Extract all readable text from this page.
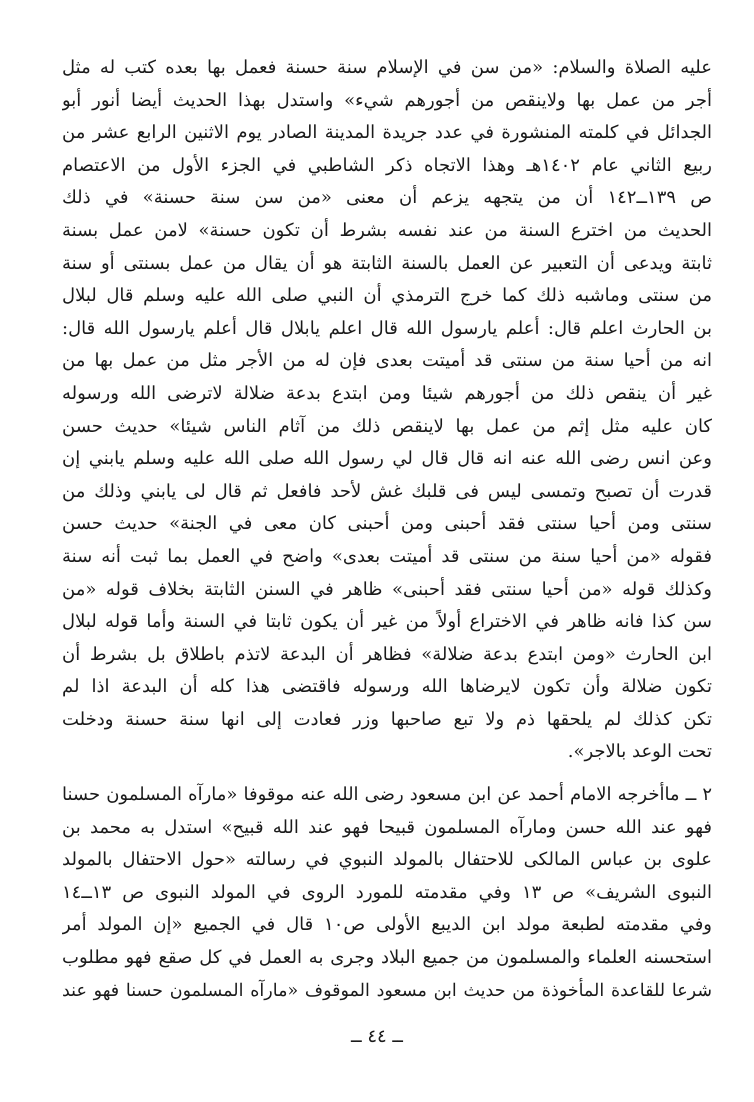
عليه الصلاة والسلام: «من سن في الإسلام سنة حسنة فعمل بها بعده كتب له مثل
أجر من عمل بها ولاينقص من أجورهم شيء» واستدل بهذا الحديث أيضا أنور أبو
الجدائل في كلمته المنشورة في عدد جريدة المدينة الصادر يوم الاثنين الرابع عشر من
ربيع الثاني عام ١٤٠٢هـ وهذا الاتجاه ذكر الشاطبي في الجزء الأول من الاعتصام
ص ١٣٩ــ١٤٢ أن من يتجهه يزعم أن معنى «من سن سنة حسنة» في ذلك
الحديث من اخترع السنة من عند نفسه بشرط أن تكون حسنة» لامن عمل بسنة
ثابتة ويدعى أن التعبير عن العمل بالسنة الثابتة هو أن يقال من عمل بسنتى أو سنة
من سنتى وماشبه ذلك كما خرج الترمذي أن النبي صلى الله عليه وسلم قال لبلال
بن الحارث اعلم قال: أعلم يارسول الله قال اعلم يابلال قال أعلم يارسول الله قال:
انه من أحيا سنة من سنتى قد أميتت بعدى فإن له من الأجر مثل من عمل بها من
غير أن ينقص ذلك من أجورهم شيئا ومن ابتدع بدعة ضلالة لاترضى الله ورسوله
كان عليه مثل إثم من عمل بها لاينقص ذلك من آثام الناس شيئا» حديث حسن
وعن انس رضى الله عنه انه قال قال لي رسول الله صلى الله عليه وسلم يابني إن
قدرت أن تصبح وتمسى ليس فى قلبك غش لأحد فافعل ثم قال لى يابني وذلك من
سنتى ومن أحيا سنتى فقد أحبنى ومن أحبنى كان معى في الجنة» حديث حسن
فقوله «من أحيا سنة من سنتى قد أميتت بعدى» واضح في العمل بما ثبت أنه سنة
وكذلك قوله «من أحيا سنتى فقد أحبنى» ظاهر في السنن الثابتة بخلاف قوله «من
سن كذا فانه ظاهر في الاختراع أولاً من غير أن يكون ثابتا في السنة وأما قوله لبلال
ابن الحارث «ومن ابتدع بدعة ضلالة» فظاهر أن البدعة لاتذم باطلاق بل بشرط أن
تكون ضلالة وأن تكون لايرضاها الله ورسوله فاقتضى هذا كله أن البدعة اذا لم
تكن كذلك لم يلحقها ذم ولا تبع صاحبها وزر فعادت إلى انها سنة حسنة ودخلت
تحت الوعد بالاجر».
٢ ــ ماأخرجه الامام أحمد عن ابن مسعود رضى الله عنه موقوفا «مارآه المسلمون حسنا
فهو عند الله حسن ومارآه المسلمون قبيحا فهو عند الله قبيح» استدل به محمد بن
علوى بن عباس المالكى للاحتفال بالمولد النبوي في رسالته «حول الاحتفال بالمولد
النبوى الشريف» ص ١٣ وفي مقدمته للمورد الروى في المولد النبوى ص ١٣ــ١٤
وفي مقدمته لطبعة مولد ابن الديبع الأولى ص١٠ قال في الجميع «إن المولد أمر
استحسنه العلماء والمسلمون من جميع البلاد وجرى به العمل في كل صقع فهو مطلوب
شرعا للقاعدة المأخوذة من حديث ابن مسعود الموقوف «مارآه المسلمون حسنا فهو عند
ــ ٤٤ ــ
